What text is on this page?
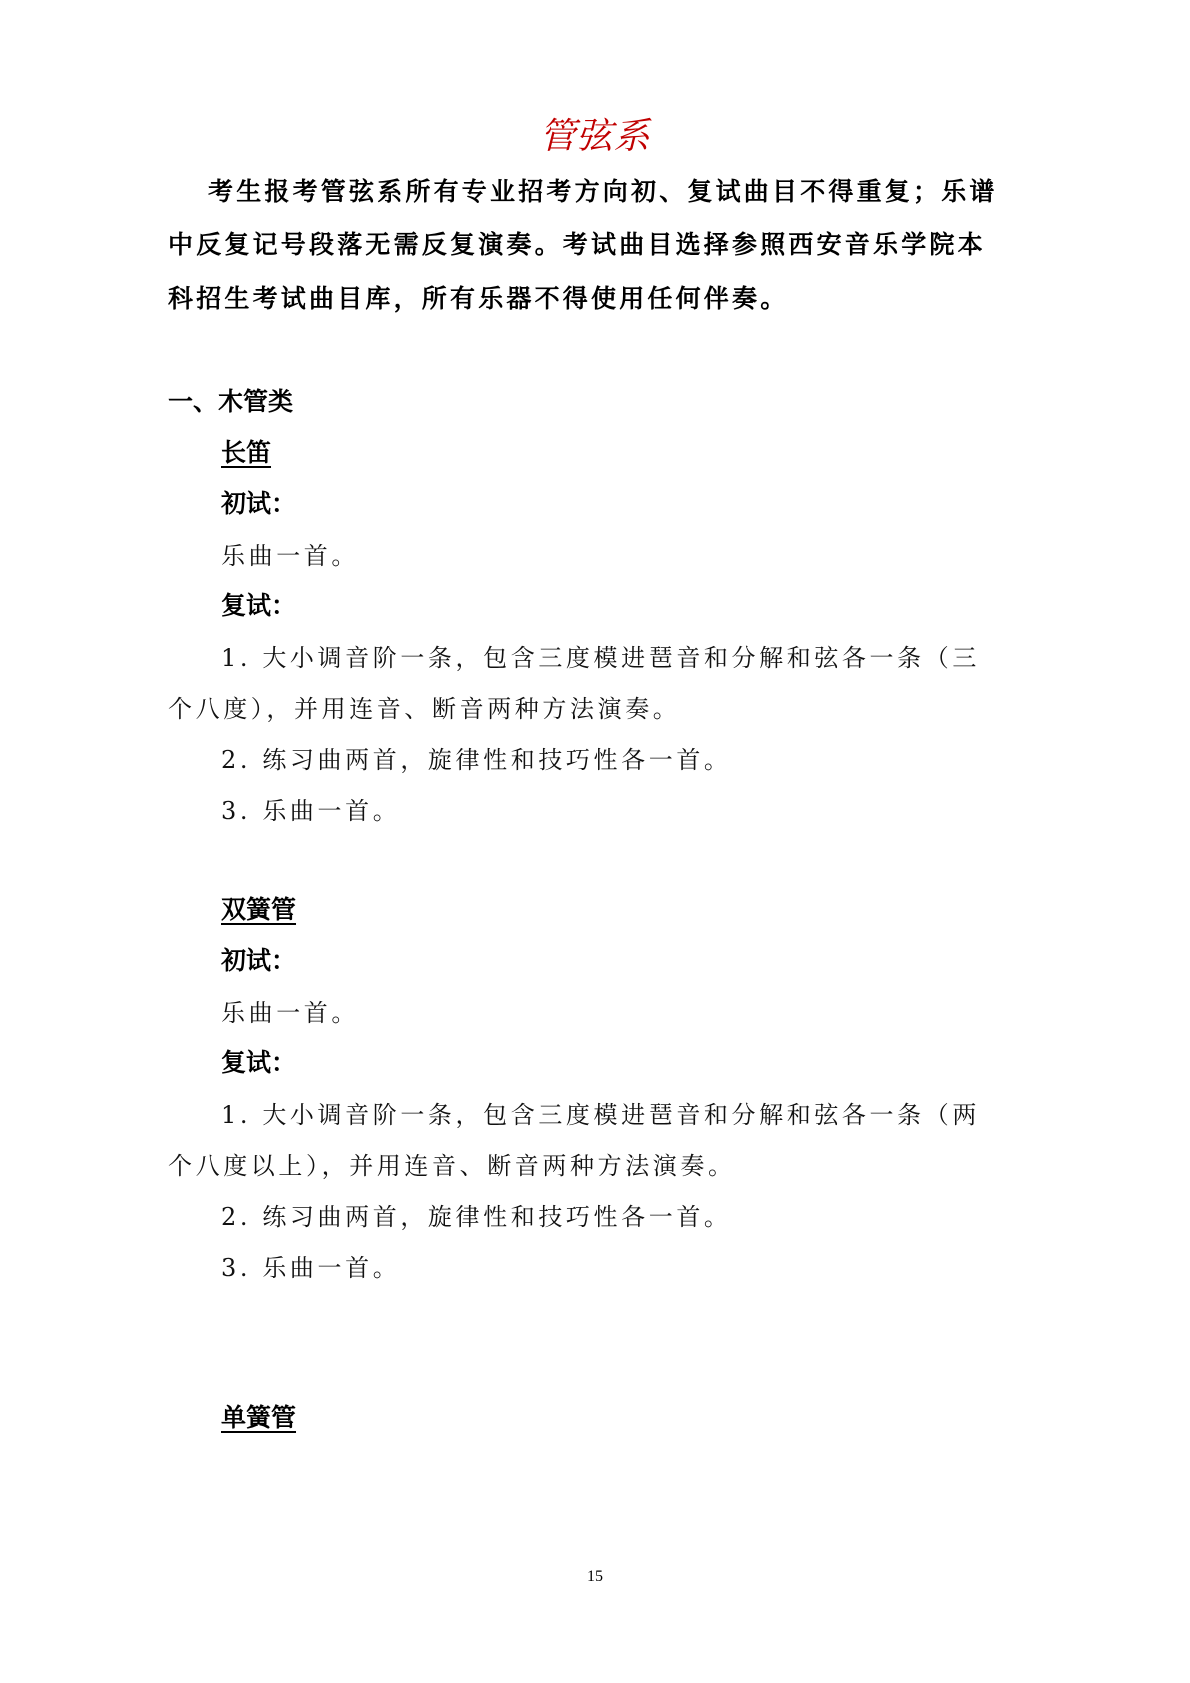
管弦系
考生报考管弦系所有专业招考方向初、复试曲目不得重复；乐谱
中反复记号段落无需反复演奏。考试曲目选择参照西安音乐学院本
科招生考试曲目库，所有乐器不得使用任何伴奏。
一、木管类
长笛
初试：
乐曲一首。
复试：
1. 大小调音阶一条，包含三度模进琶音和分解和弦各一条（三
个八度），并用连音、断音两种方法演奏。
2. 练习曲两首，旋律性和技巧性各一首。
3. 乐曲一首。
双簧管
初试：
乐曲一首。
复试：
1. 大小调音阶一条，包含三度模进琶音和分解和弦各一条（两
个八度以上），并用连音、断音两种方法演奏。
2. 练习曲两首，旋律性和技巧性各一首。
3. 乐曲一首。
单簧管
15
